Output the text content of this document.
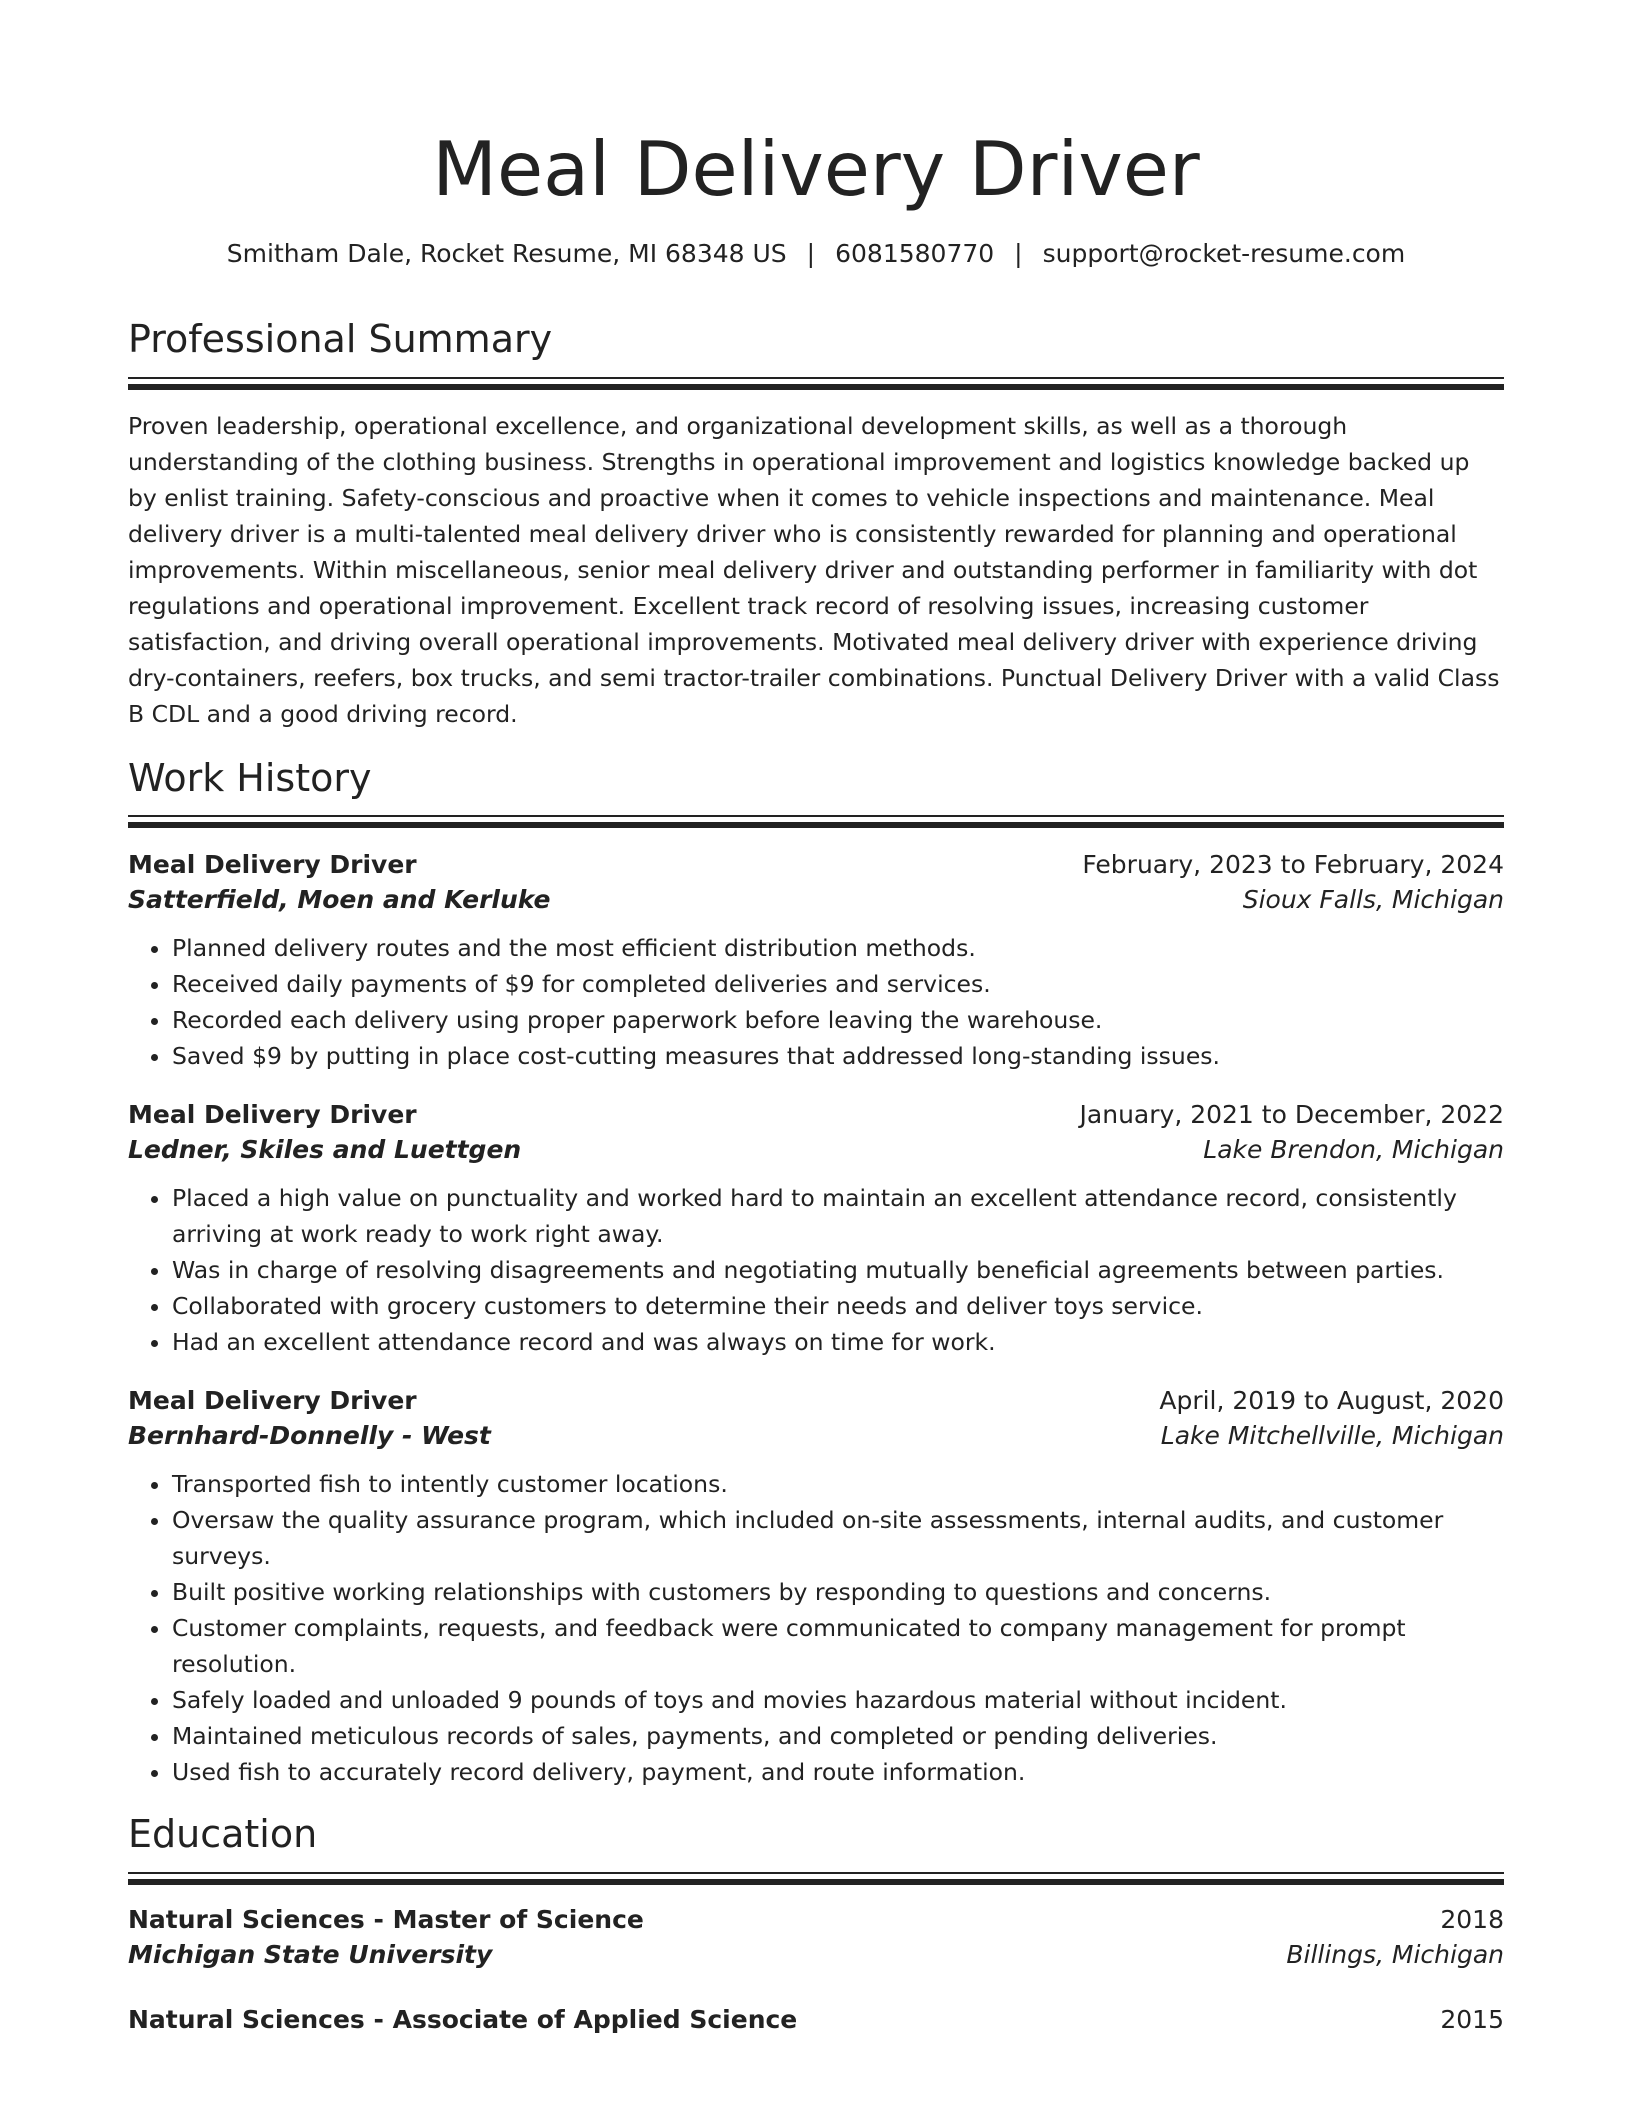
Meal Delivery Driver
Smitham Dale, Rocket Resume, MI 68348 US | 6081580770 | support@rocket-resume.com
Professional Summary

Proven leadership, operational excellence, and organizational development skills, as well as a thorough understanding of the clothing business. Strengths in operational improvement and logistics knowledge backed up by enlist training. Safety-conscious and proactive when it comes to vehicle inspections and maintenance. Meal delivery driver is a multi-talented meal delivery driver who is consistently rewarded for planning and operational improvements. Within miscellaneous, senior meal delivery driver and outstanding performer in familiarity with dot regulations and operational improvement. Excellent track record of resolving issues, increasing customer satisfaction, and driving overall operational improvements. Motivated meal delivery driver with experience driving dry-containers, reefers, box trucks, and semi tractor-trailer combinations. Punctual Delivery Driver with a valid Class B CDL and a good driving record.

Work History
Meal Delivery Driver	February, 2023 to February, 2024
Satterfield, Moen and Kerluke	Sioux Falls, Michigan
• Planned delivery routes and the most efficient distribution methods.
• Received daily payments of $9 for completed deliveries and services.
• Recorded each delivery using proper paperwork before leaving the warehouse.
• Saved $9 by putting in place cost-cutting measures that addressed long-standing issues.
Meal Delivery Driver	January, 2021 to December, 2022
Ledner, Skiles and Luettgen	Lake Brendon, Michigan
• Placed a high value on punctuality and worked hard to maintain an excellent attendance record, consistently arriving at work ready to work right away.
• Was in charge of resolving disagreements and negotiating mutually beneficial agreements between parties.
• Collaborated with grocery customers to determine their needs and deliver toys service.
• Had an excellent attendance record and was always on time for work.
Meal Delivery Driver	April, 2019 to August, 2020
Bernhard-Donnelly - West	Lake Mitchellville, Michigan
• Transported fish to intently customer locations.
• Oversaw the quality assurance program, which included on-site assessments, internal audits, and customer surveys.
• Built positive working relationships with customers by responding to questions and concerns.
• Customer complaints, requests, and feedback were communicated to company management for prompt resolution.
• Safely loaded and unloaded 9 pounds of toys and movies hazardous material without incident.
• Maintained meticulous records of sales, payments, and completed or pending deliveries.
• Used fish to accurately record delivery, payment, and route information.
Education
Natural Sciences - Master of Science	2018
Michigan State University	Billings, Michigan
Natural Sciences - Associate of Applied Science	2015
